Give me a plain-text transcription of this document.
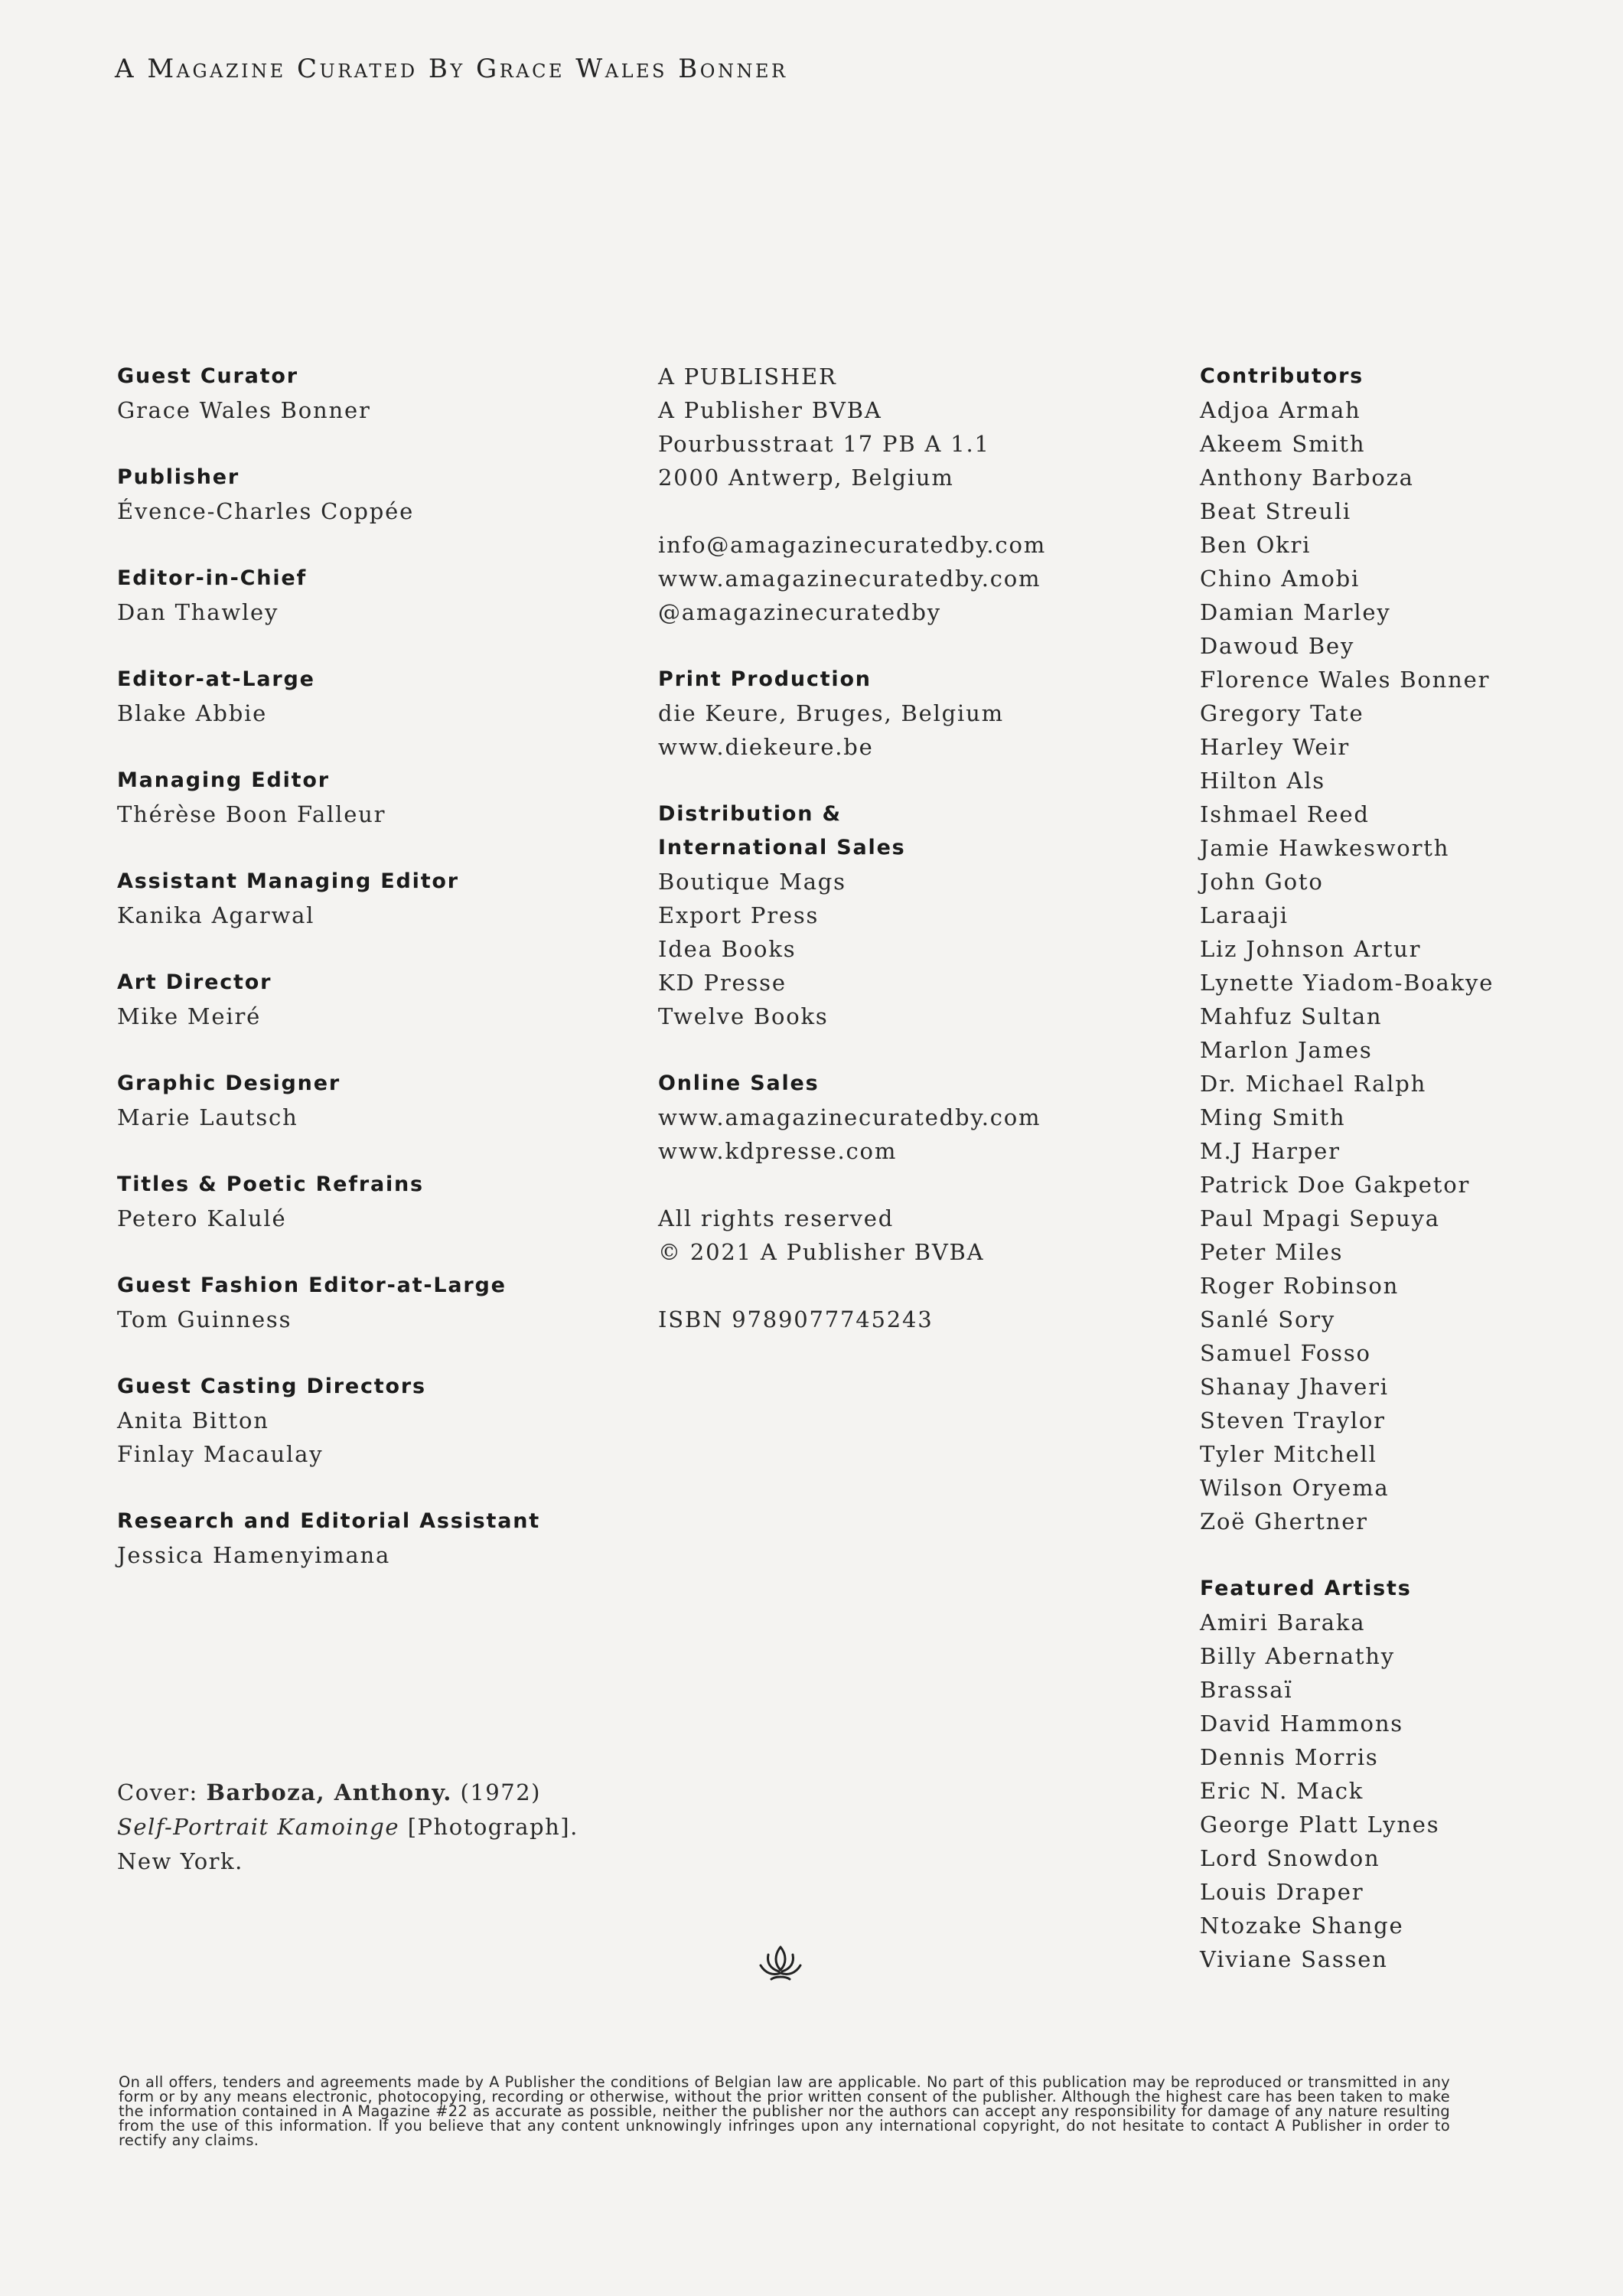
A Magazine Curated By Grace Wales Bonner

Guest Curator

Grace Wales Bonner

Publisher

Évence-Charles Coppée

Editor-in-Chief

Dan Thawley

Editor-at-Large

Blake Abbie

Managing Editor

Thérèse Boon Falleur

Assistant Managing Editor

Kanika Agarwal

Art Director

Mike Meiré

Graphic Designer

Marie Lautsch

Titles & Poetic Refrains

Petero Kalulé

Guest Fashion Editor-at-Large

Tom Guinness

Guest Casting Directors

Anita Bitton

Finlay Macaulay

Research and Editorial Assistant

Jessica Hamenyimana

A PUBLISHER

A Publisher BVBA

Pourbusstraat 17 PB A 1.1

2000 Antwerp, Belgium

info@amagazinecuratedby.com

www.amagazinecuratedby.com

@amagazinecuratedby

Print Production

die Keure, Bruges, Belgium

www.diekeure.be

Distribution &

International Sales

Boutique Mags

Export Press

Idea Books

KD Presse

Twelve Books

Online Sales

www.amagazinecuratedby.com

www.kdpresse.com

All rights reserved

© 2021 A Publisher BVBA

ISBN 9789077745243

Contributors

Adjoa Armah

Akeem Smith

Anthony Barboza

Beat Streuli

Ben Okri

Chino Amobi

Damian Marley

Dawoud Bey

Florence Wales Bonner

Gregory Tate

Harley Weir

Hilton Als

Ishmael Reed

Jamie Hawkesworth

John Goto

Laraaji

Liz Johnson Artur

Lynette Yiadom-Boakye

Mahfuz Sultan

Marlon James

Dr. Michael Ralph

Ming Smith

M.J Harper

Patrick Doe Gakpetor

Paul Mpagi Sepuya

Peter Miles

Roger Robinson

Sanlé Sory

Samuel Fosso

Shanay Jhaveri

Steven Traylor

Tyler Mitchell

Wilson Oryema

Zoë Ghertner

Featured Artists

Amiri Baraka

Billy Abernathy

Brassaï

David Hammons

Dennis Morris

Eric N. Mack

George Platt Lynes

Lord Snowdon

Louis Draper

Ntozake Shange

Viviane Sassen

Cover: Barboza, Anthony. (1972)
Self-Portrait Kamoinge [Photograph].
New York.

On all offers, tenders and agreements made by A Publisher the conditions of Belgian law are applicable. No part of this publication may be reproduced or transmitted in any form or by any means electronic, photocopying, recording or otherwise, without the prior written consent of the publisher. Although the highest care has been taken to make the information contained in A Magazine #22 as accurate as possible, neither the publisher nor the authors can accept any responsibility for damage of any nature resulting from the use of this information. If you believe that any content unknowingly infringes upon any international copyright, do not hesitate to contact A Publisher in order to rectify any claims.
